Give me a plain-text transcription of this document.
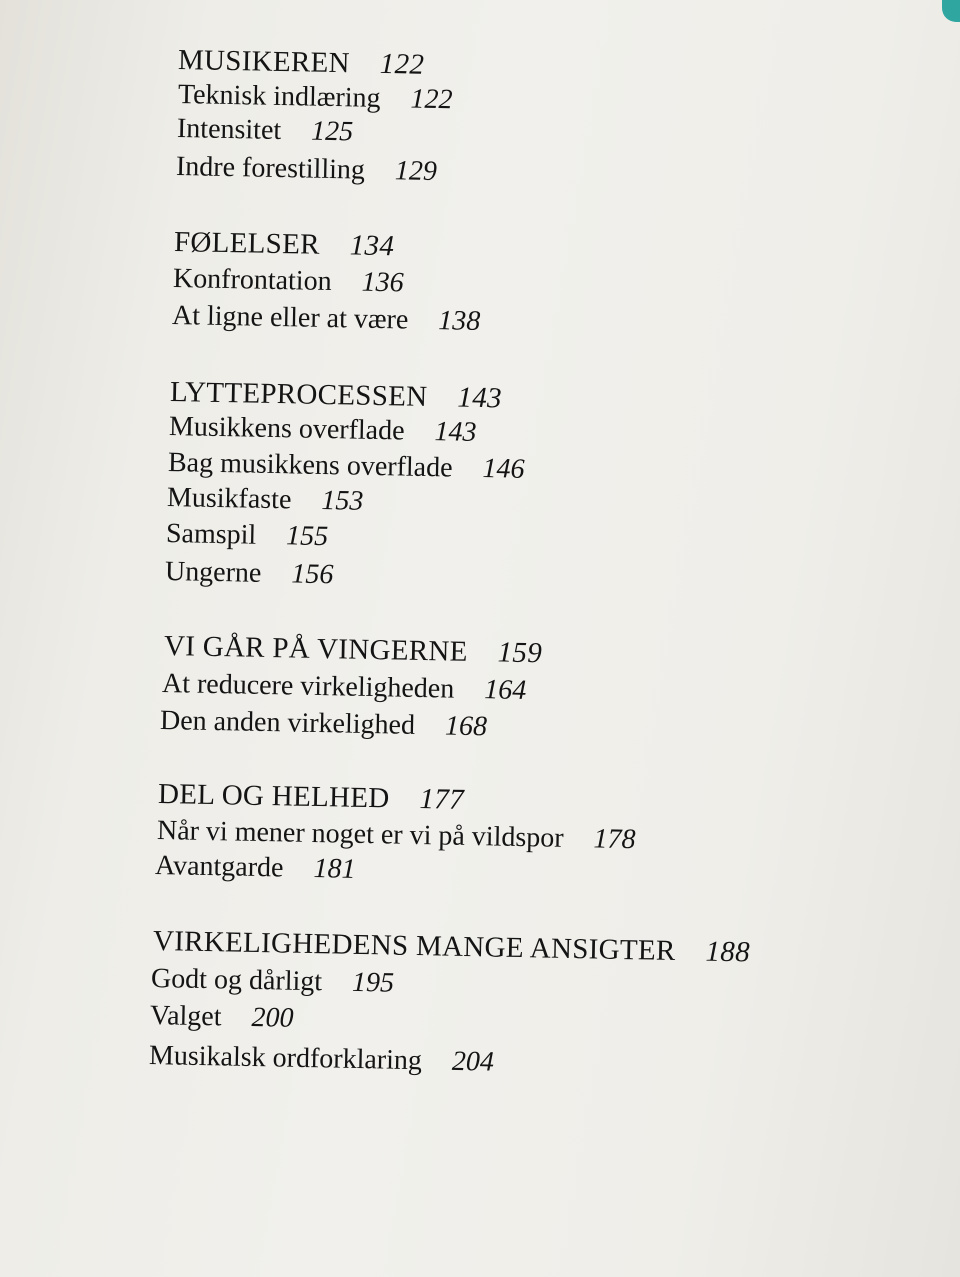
MUSIKEREN 122
Teknisk indlæring 122
Intensitet 125
Indre forestilling 129
FØLELSER 134
Konfrontation 136
At ligne eller at være 138
LYTTEPROCESSEN 143
Musikkens overflade 143
Bag musikkens overflade 146
Musikfaste 153
Samspil 155
Ungerne 156
VI GÅR PÅ VINGERNE 159
At reducere virkeligheden 164
Den anden virkelighed 168
DEL OG HELHED 177
Når vi mener noget er vi på vildspor 178
Avantgarde 181
VIRKELIGHEDENS MANGE ANSIGTER 188
Godt og dårligt 195
Valget 200
Musikalsk ordforklaring 204
